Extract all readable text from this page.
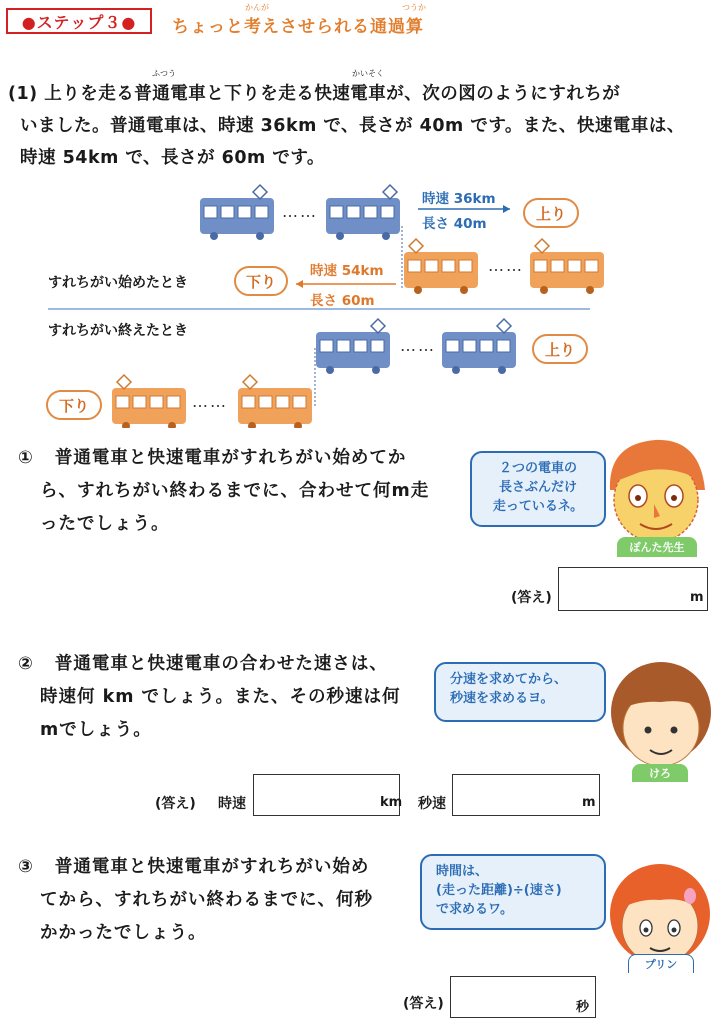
●ステップ３●	ちょっと考えさせられる通過算
かんが	つうか
ふつう	かいそく
(1) 上りを走る普通電車と下りを走る快速電車が、次の図のようにすれちが
いました。普通電車は、時速 36km で、長さが 40m です。また、快速電車は、
時速 54km で、長さが 60m です。
……
……
……
……
時速 36km
長さ 40m
上り
時速 54km
長さ 60m
下り
すれちがい始めたとき
すれちがい終えたとき
上り
下り
① 普通電車と快速電車がすれちがい始めてか
ら、すれちがい終わるまでに、合わせて何m走
ったでしょう。
２つの電車の
長さぶんだけ
走っているネ。
ぽんた先生
(答え)	m
② 普通電車と快速電車の合わせた速さは、
時速何 km でしょう。また、その秒速は何
mでしょう。
分速を求めてから、
秒速を求めるヨ。
けろ
(答え) 時速	km 秒速	m
③ 普通電車と快速電車がすれちがい始め
てから、すれちがい終わるまでに、何秒
かかったでしょう。
時間は、
(走った距離)÷(速さ)
で求めるワ。
プリン
(答え)	秒
